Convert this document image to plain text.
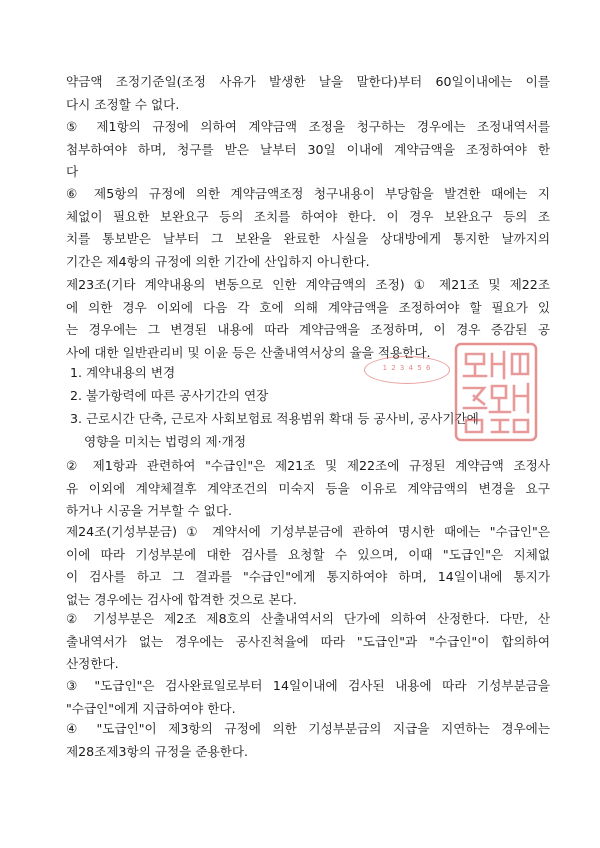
약금액 조정기준일(조정 사유가 발생한 날을 말한다)부터 60일이내에는 이를
다시 조정할 수 없다.
⑤ 제1항의 규정에 의하여 계약금액 조정을 청구하는 경우에는 조정내역서를
첨부하여야 하며, 청구를 받은 날부터 30일 이내에 계약금액을 조정하여야 한
다
⑥ 제5항의 규정에 의한 계약금액조정 청구내용이 부당함을 발견한 때에는 지
체없이 필요한 보완요구 등의 조치를 하여야 한다. 이 경우 보완요구 등의 조
치를 통보받은 날부터 그 보완을 완료한 사실을 상대방에게 통지한 날까지의
기간은 제4항의 규정에 의한 기간에 산입하지 아니한다.
제23조(기타 계약내용의 변동으로 인한 계약금액의 조정) ① 제21조 및 제22조
에 의한 경우 이외에 다음 각 호에 의해 계약금액을 조정하여야 할 필요가 있
는 경우에는 그 변경된 내용에 따라 계약금액을 조정하며, 이 경우 증감된 공
사에 대한 일반관리비 및 이윤 등은 산출내역서상의 율을 적용한다.
1. 계약내용의 변경
2. 불가항력에 따른 공사기간의 연장
3. 근로시간 단축, 근로자 사회보험료 적용범위 확대 등 공사비, 공사기간에
영향을 미치는 법령의 제·개정
② 제1항과 관련하여 "수급인"은 제21조 및 제22조에 규정된 계약금액 조정사
유 이외에 계약체결후 계약조건의 미숙지 등을 이유로 계약금액의 변경을 요구
하거나 시공을 거부할 수 없다.
제24조(기성부분금) ① 계약서에 기성부분금에 관하여 명시한 때에는 "수급인"은
이에 따라 기성부분에 대한 검사를 요청할 수 있으며, 이때 "도급인"은 지체없
이 검사를 하고 그 결과를 "수급인"에게 통지하여야 하며, 14일이내에 통지가
없는 경우에는 검사에 합격한 것으로 본다.
② 기성부분은 제2조 제8호의 산출내역서의 단가에 의하여 산정한다. 다만, 산
출내역서가 없는 경우에는 공사진척율에 따라 "도급인"과 "수급인"이 합의하여
산정한다.
③ "도급인"은 검사완료일로부터 14일이내에 검사된 내용에 따라 기성부분금을
"수급인"에게 지급하여야 한다.
④ "도급인"이 제3항의 규정에 의한 기성부분금의 지급을 지연하는 경우에는
제28조제3항의 규정을 준용한다.
1 2 3 4 5 6
